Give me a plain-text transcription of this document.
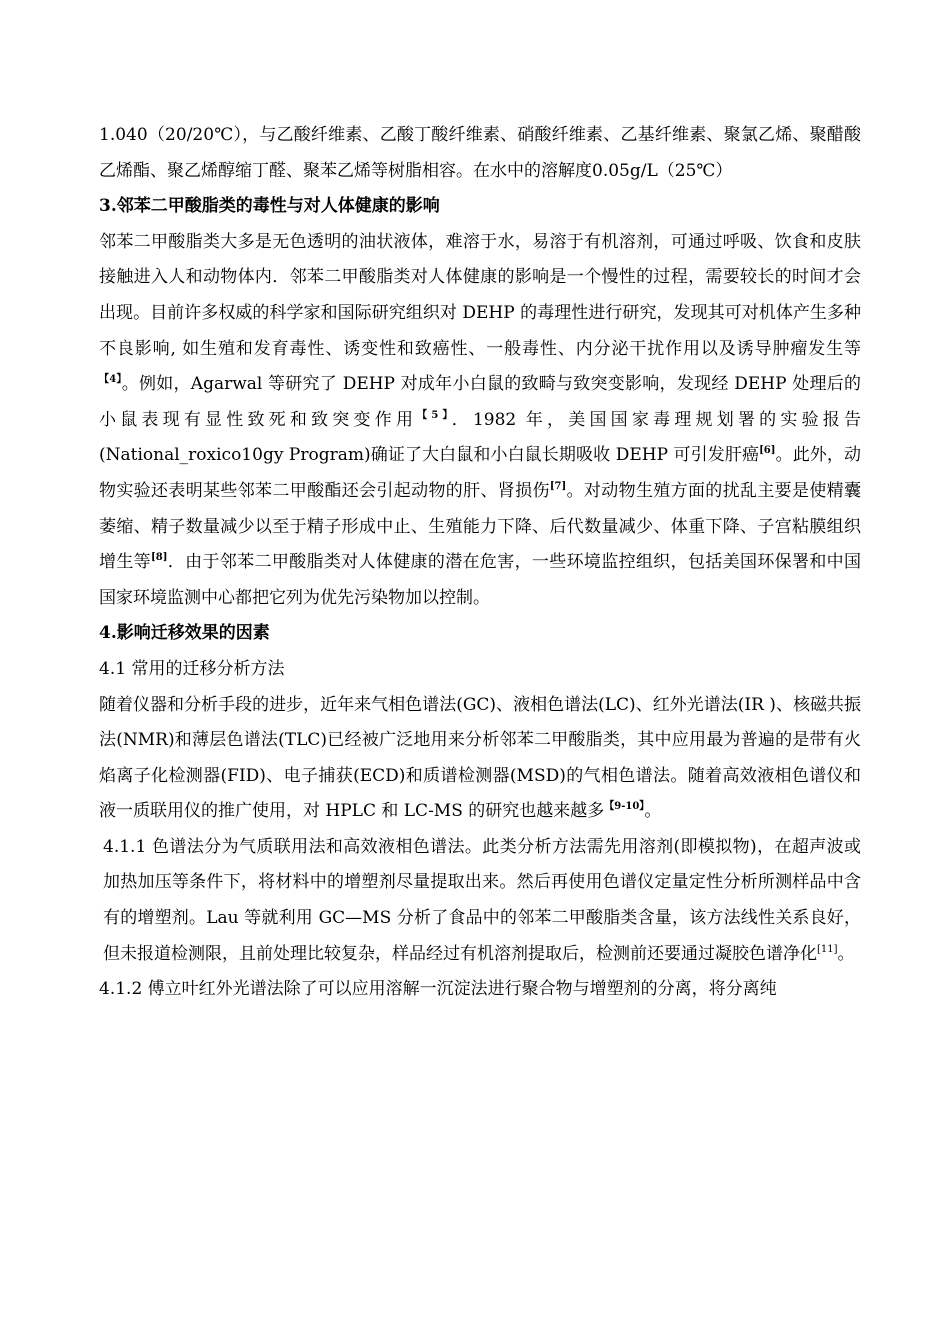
1.040（20/20℃），与乙酸纤维素、乙酸丁酸纤维素、硝酸纤维素、乙基纤维素、聚氯乙烯、聚醋酸乙烯酯、聚乙烯醇缩丁醛、聚苯乙烯等树脂相容。在水中的溶解度0.05g/L（25℃）

3.邻苯二甲酸脂类的毒性与对人体健康的影响

邻苯二甲酸脂类大多是无色透明的油状液体，难溶于水，易溶于有机溶剂，可通过呼吸、饮食和皮肤接触进入人和动物体内．邻苯二甲酸脂类对人体健康的影响是一个慢性的过程，需要较长的时间才会出现。目前许多权威的科学家和国际研究组织对 DEHP 的毒理性进行研究，发现其可对机体产生多种不良影响, 如生殖和发育毒性、诱变性和致癌性、一般毒性、内分泌干扰作用以及诱导肿瘤发生等$^{【4】}$。例如，Agarwal 等研究了 DEHP 对成年小白鼠的致畸与致突变影响，发现经 DEHP 处理后的小鼠表现有显性致死和致突变作用$^{【5】}$．1982 年，美国国家毒理规划署的实验报告(National_roxico10gy Program)确证了大白鼠和小白鼠长期吸收 DEHP 可引发肝癌[6]。此外，动物实验还表明某些邻苯二甲酸酯还会引起动物的肝、肾损伤[7]。对动物生殖方面的扰乱主要是使精囊萎缩、精子数量减少以至于精子形成中止、生殖能力下降、后代数量减少、体重下降、子宫粘膜组织增生等[8]．由于邻苯二甲酸脂类对人体健康的潜在危害，一些环境监控组织，包括美国环保署和中国国家环境监测中心都把它列为优先污染物加以控制。

4.影响迁移效果的因素

4.1 常用的迁移分析方法

随着仪器和分析手段的进步，近年来气相色谱法(GC)、液相色谱法(LC)、红外光谱法(IR )、核磁共振法(NMR)和薄层色谱法(TLC)已经被广泛地用来分析邻苯二甲酸脂类，其中应用最为普遍的是带有火焰离子化检测器(FID)、电子捕获(ECD)和质谱检测器(MSD)的气相色谱法。随着高效液相色谱仪和液一质联用仪的推广使用，对 HPLC 和 LC-MS 的研究也越来越多$^{【9-10】}$。

4.1.1 色谱法分为气质联用法和高效液相色谱法。此类分析方法需先用溶剂(即模拟物)，在超声波或加热加压等条件下，将材料中的增塑剂尽量提取出来。然后再使用色谱仪定量定性分析所测样品中含有的增塑剂。Lau 等就利用 GC—MS 分析了食品中的邻苯二甲酸脂类含量，该方法线性关系良好，但未报道检测限，且前处理比较复杂，样品经过有机溶剂提取后，检测前还要通过凝胶色谱净化[11]。

4.1.2 傅立叶红外光谱法除了可以应用溶解一沉淀法进行聚合物与增塑剂的分离，将分离纯
